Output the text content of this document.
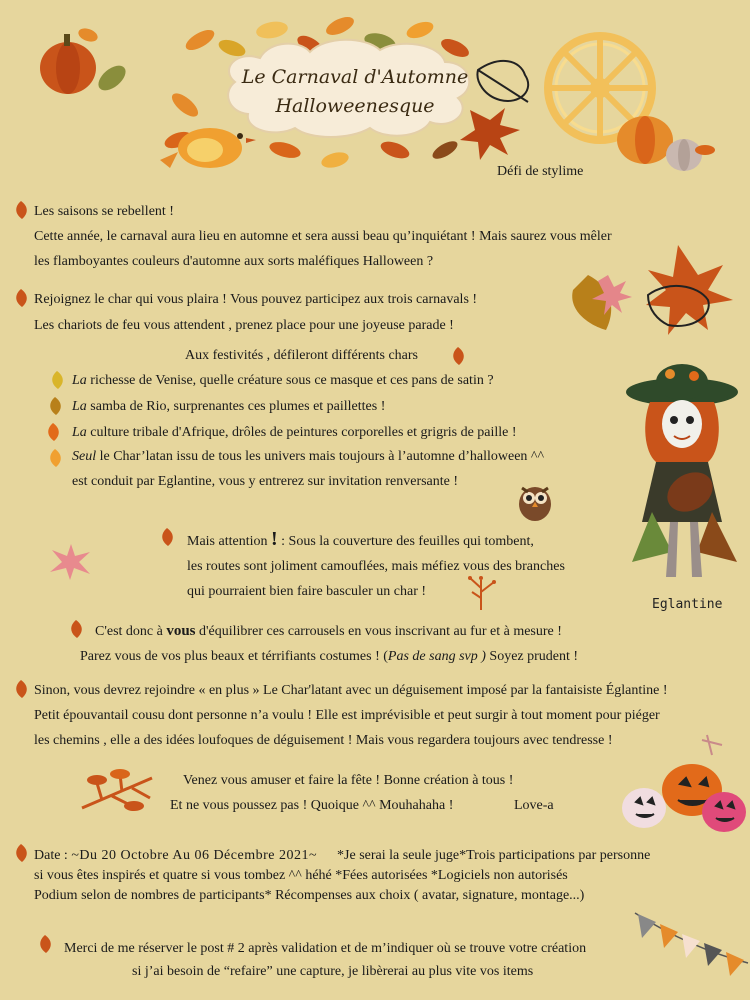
Le Carnaval d'Automne
Halloweenesque
Défi de stylime
Les saisons se rebellent !
Cette année, le carnaval aura lieu en automne et sera aussi beau qu’inquiétant ! Mais saurez vous mêler
les flamboyantes couleurs d'automne aux sorts maléfiques Halloween ?
Rejoignez le char qui vous plaira ! Vous pouvez participez aux trois carnavals !
Les chariots de feu vous attendent , prenez place pour une joyeuse parade !
Aux festivités , défileront différents chars
La richesse de Venise, quelle créature sous ce masque et ces pans de satin ?
La samba de Rio, surprenantes ces plumes et paillettes !
La culture tribale d'Afrique, drôles de peintures corporelles et grigris de paille !
Seul le Char’latan issu de tous les univers mais toujours à l’automne d’halloween ^^
est conduit par Eglantine, vous y entrerez sur invitation renversante !
Eglantine
Mais attention ! : Sous la couverture des feuilles qui tombent,
les routes sont joliment camouflées, mais méfiez vous des branches
qui pourraient bien faire basculer un char !
C'est donc à vous d'équilibrer ces carrousels en vous inscrivant au fur et à mesure !
Parez vous de vos plus beaux et térrifiants costumes ! (Pas de sang svp ) Soyez prudent !
Sinon, vous devrez rejoindre « en plus » Le Char'latant avec un déguisement imposé par la fantaisiste Églantine !
Petit épouvantail cousu dont personne n’a voulu ! Elle est imprévisible et peut surgir à tout moment pour piéger
les chemins , elle a des idées loufoques de déguisement ! Mais vous regardera toujours avec tendresse !
Venez vous amuser et faire la fête ! Bonne création à tous !
Et ne vous poussez pas ! Quoique ^^ Mouhahaha !	Love-a
Date : ~Du 20 Octobre Au 06 Décembre 2021~ *Je serai la seule juge*Trois participations par personne
si vous êtes inspirés et quatre si vous tombez ^^ héhé *Fées autorisées *Logiciels non autorisés
Podium selon de nombres de participants* Récompenses aux choix ( avatar, signature, montage...)
Merci de me réserver le post # 2 après validation et de m’indiquer où se trouve votre création
si j’ai besoin de “refaire” une capture, je libèrerai au plus vite vos items
